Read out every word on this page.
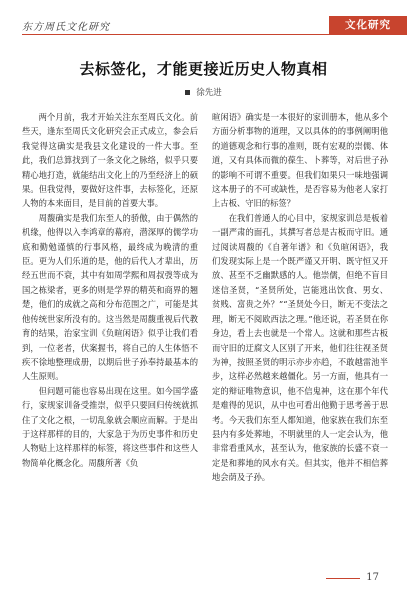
东方周氏文化研究	文化研究
去标签化，才能更接近历史人物真相
徐先进

两个月前，我才开始关注东至周氏文化。前些天，逢东至周氏文化研究会正式成立，参会后我觉得这确实是我县文化建设的一件大事。至此，我们总算找到了一条文化之脉络，似乎只要精心地打造，就能结出文化上的乃至经济上的硕果。但我觉得，要做好这件事，去标签化，还原人物的本来面目，是目前的首要大事。

周馥确实是我们东至人的骄傲，由于偶然的机缘，他得以入李鸿章的幕府，潜深厚的儒学功底和勤勉谨慎的行事风格，最终成为晚清的重臣。更为人们乐道的是，他的后代人才辈出，历经五世而不衰，其中有如周学熙和周叔弢等成为国之栋梁者，更多的则是学界的精英和商界的翘楚，他们的成就之高和分布范围之广，可能是其他传统世家所没有的。这当然是周馥重视后代教育的结果，治家宝训《负暄闲语》似乎让我们看到，一位老者，伏案握书，将自己的人生体悟不疾不徐地整理成册，以期后世子孙奉持最基本的人生原则。

但问题可能也容易出现在这里。如今国学盛行，家规家训备受推崇，似乎只要回归传统就抓住了文化之根，一切乱象就会顺应而解。于是出于这样那样的目的，大家急于为历史事件和历史人物贴上这样那样的标签，将这些事件和这些人物简单化概念化。周馥所著《负

暄闲语》确实是一本很好的家训册本，他从多个方面分析事物的道理，又以具体的的事例阐明他的道德观念和行事的准则，既有宏观的崇儒、体道，又有具体而微的葆生、卜葬等，对后世子孙的影响不可谓不重要。但我们如果只一味地强调这本册子的不可或缺性，是否容易为他老人家打上古板、守旧的标签？

在我们普通人的心目中，家规家训总是板着一副严肃的面孔，其撰写者总是古板而守旧。通过阅读周馥的《自著年谱》和《负暄闲语》，我们发现实际上是一个既严谨又开明、既守恒又开放、甚至不乏幽默感的人。他崇儒，但绝不盲目迷信圣贤，“圣贤所处，岂能逃出饮食、男女、贫贱、富贵之外？”“圣贤处今日，断无不变法之理，断无不阅欧西法之理。”他还说，若圣贤在你身边，看上去也就是一个常人。这就和那些古板而守旧的迂腐文人区别了开来，他们往往视圣贤为神，按照圣贤的明示亦步亦趋，不敢越雷池半步，这样必然越来越僵化。另一方面，他具有一定的辩证唯物意识，他不信鬼神，这在那个年代是难得的见识，从中也可看出他勤于思考善于思考。今天我们东至人都知道，他家族在我们东至县内有多处葬地，不明就里的人一定会认为，他非常看重风水，甚至认为，他家族的长盛不衰一定是和葬地的风水有关。但其实，他并不相信葬地会荫及子孙。

17
